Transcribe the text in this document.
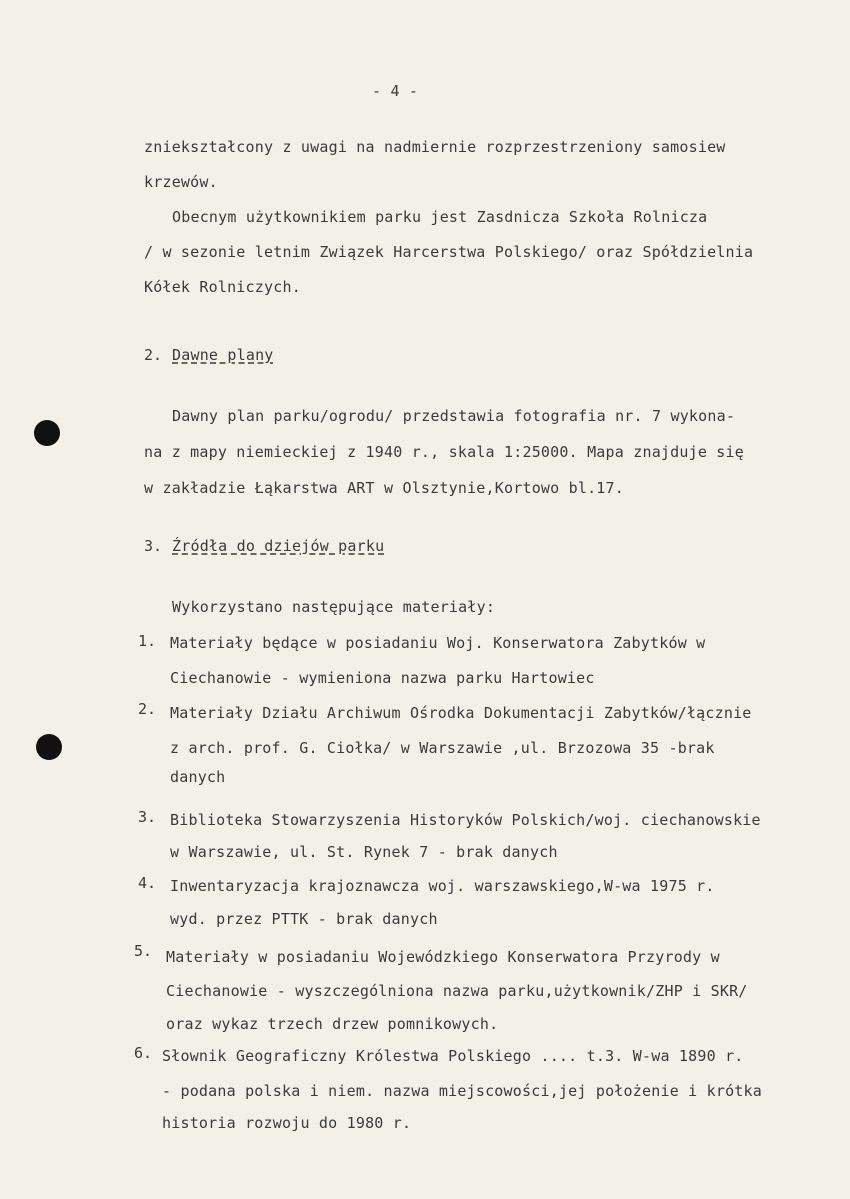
- 4 -
zniekształcony z uwagi na nadmiernie rozprzestrzeniony samosiew
krzewów.
Obecnym użytkownikiem parku jest Zasdnicza Szkoła Rolnicza
/ w sezonie letnim Związek Harcerstwa Polskiego/ oraz Spółdzielnia
Kółek Rolniczych.
2. Dawne plany
Dawny plan parku/ogrodu/ przedstawia fotografia nr. 7 wykona-
na z mapy niemieckiej z 1940 r., skala 1:25000. Mapa znajduje się
w zakładzie Łąkarstwa ART w Olsztynie,Kortowo bl.17.
3. Źródła do dziejów parku
Wykorzystano następujące materiały:
1. Materiały będące w posiadaniu Woj. Konserwatora Zabytków w
Ciechanowie - wymieniona nazwa parku Hartowiec
2. Materiały Działu Archiwum Ośrodka Dokumentacji Zabytków/łącznie
z arch. prof. G. Ciołka/ w Warszawie ,ul. Brzozowa 35 -brak
danych
3. Biblioteka Stowarzyszenia Historyków Polskich/woj. ciechanowskie
w Warszawie, ul. St. Rynek 7 - brak danych
4. Inwentaryzacja krajoznawcza woj. warszawskiego,W-wa 1975 r.
wyd. przez PTTK - brak danych
5. Materiały w posiadaniu Wojewódzkiego Konserwatora Przyrody w
Ciechanowie - wyszczególniona nazwa parku,użytkownik/ZHP i SKR/
oraz wykaz trzech drzew pomnikowych.
6. Słownik Geograficzny Królestwa Polskiego .... t.3. W-wa 1890 r.
- podana polska i niem. nazwa miejscowości,jej położenie i krótka
historia rozwoju do 1980 r.
